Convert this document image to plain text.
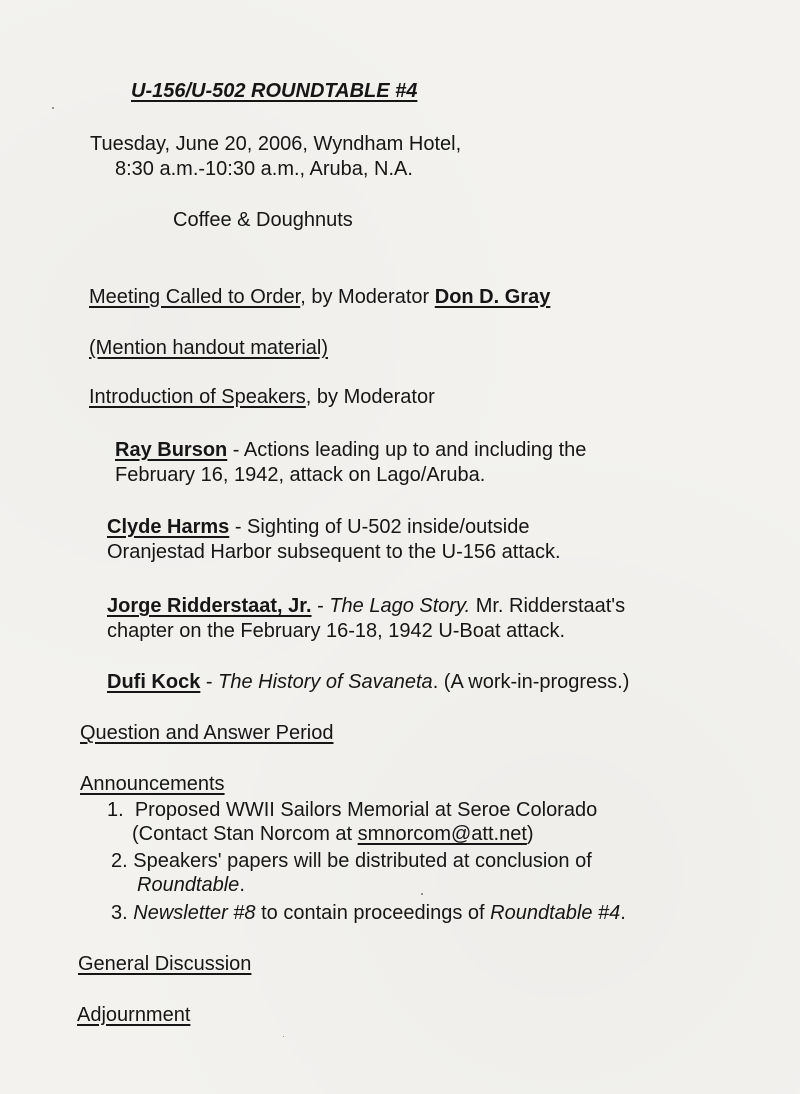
U-156/U-502 ROUNDTABLE #4
Tuesday, June 20, 2006, Wyndham Hotel,
8:30 a.m.-10:30 a.m., Aruba, N.A.
Coffee & Doughnuts
Meeting Called to Order, by Moderator Don D. Gray
(Mention handout material)
Introduction of Speakers, by Moderator
Ray Burson - Actions leading up to and including the
February 16, 1942, attack on Lago/Aruba.
Clyde Harms - Sighting of U-502 inside/outside
Oranjestad Harbor subsequent to the U-156 attack.
Jorge Ridderstaat, Jr. - The Lago Story. Mr. Ridderstaat's
chapter on the February 16-18, 1942 U-Boat attack.
Dufi Kock - The History of Savaneta. (A work-in-progress.)
Question and Answer Period
Announcements
1. Proposed WWII Sailors Memorial at Seroe Colorado
(Contact Stan Norcom at smnorcom@att.net)
2. Speakers' papers will be distributed at conclusion of
Roundtable.
3. Newsletter #8 to contain proceedings of Roundtable #4.
General Discussion
Adjournment
